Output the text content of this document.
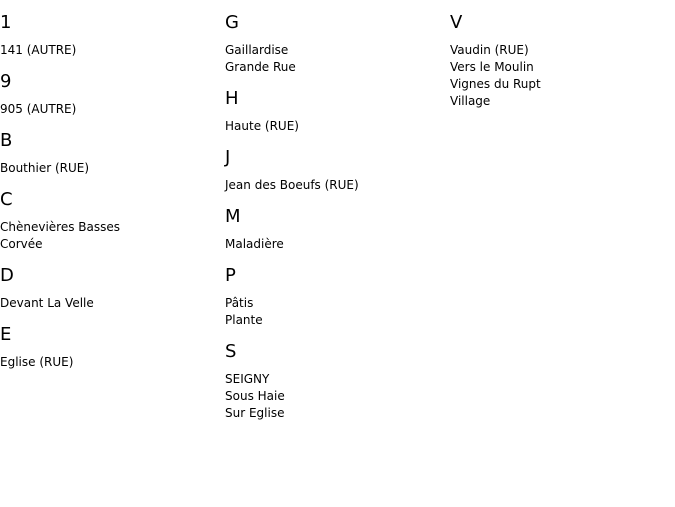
1
141 (AUTRE)
9
905 (AUTRE)
B
Bouthier (RUE)
C
Chènevières Basses
Corvée
D
Devant La Velle
E
Eglise (RUE)
G
Gaillardise
Grande Rue
H
Haute (RUE)
J
Jean des Boeufs (RUE)
M
Maladière
P
Pâtis
Plante
S
SEIGNY
Sous Haie
Sur Eglise
V
Vaudin (RUE)
Vers le Moulin
Vignes du Rupt
Village
